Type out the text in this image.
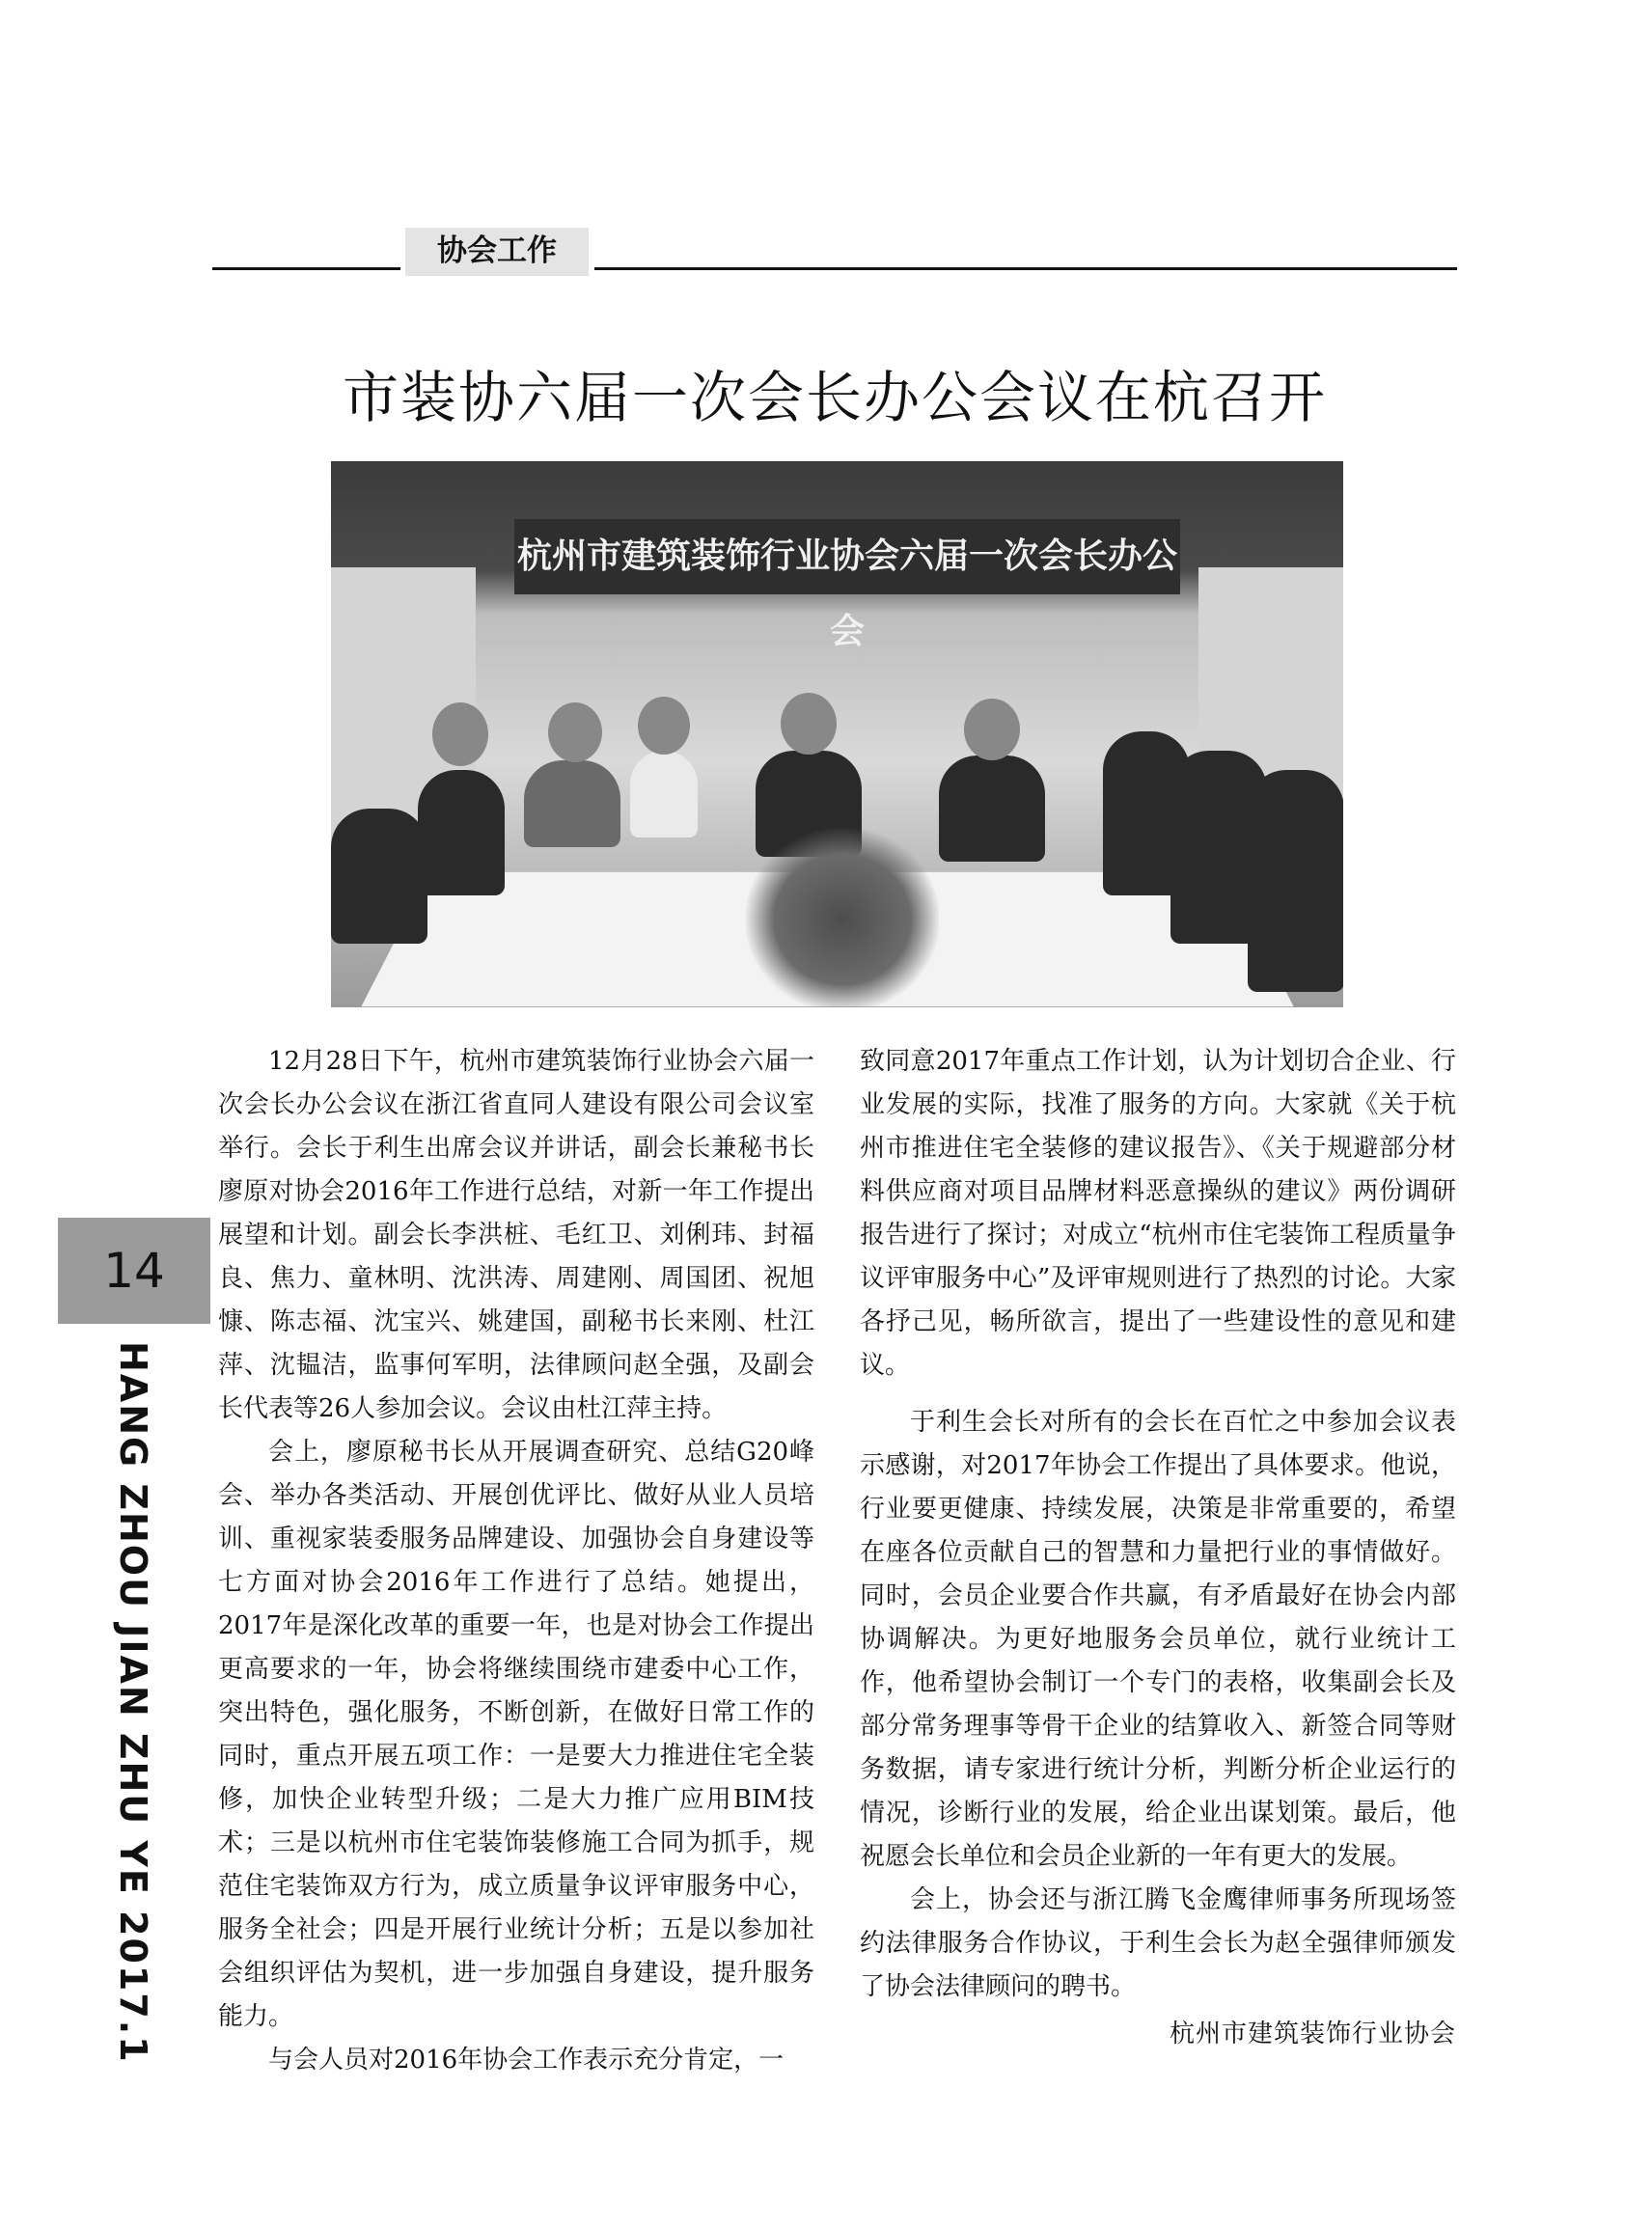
协会工作
市装协六届一次会长办公会议在杭召开
杭州市建筑装饰行业协会六届一次会长办公会

12月28日下午，杭州市建筑装饰行业协会六届一次会长办公会议在浙江省直同人建设有限公司会议室举行。会长于利生出席会议并讲话，副会长兼秘书长廖原对协会2016年工作进行总结，对新一年工作提出展望和计划。副会长李洪桩、毛红卫、刘俐玮、封福良、焦力、童林明、沈洪涛、周建刚、周国团、祝旭慷、陈志福、沈宝兴、姚建国，副秘书长来刚、杜江萍、沈韫洁，监事何军明，法律顾问赵全强，及副会长代表等26人参加会议。会议由杜江萍主持。

会上，廖原秘书长从开展调查研究、总结G20峰会、举办各类活动、开展创优评比、做好从业人员培训、重视家装委服务品牌建设、加强协会自身建设等七方面对协会2016年工作进行了总结。她提出，2017年是深化改革的重要一年，也是对协会工作提出更高要求的一年，协会将继续围绕市建委中心工作，突出特色，强化服务，不断创新，在做好日常工作的同时，重点开展五项工作：一是要大力推进住宅全装修，加快企业转型升级；二是大力推广应用BIM技术；三是以杭州市住宅装饰装修施工合同为抓手，规范住宅装饰双方行为，成立质量争议评审服务中心，服务全社会；四是开展行业统计分析；五是以参加社会组织评估为契机，进一步加强自身建设，提升服务能力。

与会人员对2016年协会工作表示充分肯定，一

致同意2017年重点工作计划，认为计划切合企业、行业发展的实际，找准了服务的方向。大家就《关于杭州市推进住宅全装修的建议报告》、《关于规避部分材料供应商对项目品牌材料恶意操纵的建议》两份调研报告进行了探讨；对成立“杭州市住宅装饰工程质量争议评审服务中心”及评审规则进行了热烈的讨论。大家各抒己见，畅所欲言，提出了一些建设性的意见和建议。

于利生会长对所有的会长在百忙之中参加会议表示感谢，对2017年协会工作提出了具体要求。他说，行业要更健康、持续发展，决策是非常重要的，希望在座各位贡献自己的智慧和力量把行业的事情做好。同时，会员企业要合作共赢，有矛盾最好在协会内部协调解决。为更好地服务会员单位，就行业统计工作，他希望协会制订一个专门的表格，收集副会长及部分常务理事等骨干企业的结算收入、新签合同等财务数据，请专家进行统计分析，判断分析企业运行的情况，诊断行业的发展，给企业出谋划策。最后，他祝愿会长单位和会员企业新的一年有更大的发展。

会上，协会还与浙江腾飞金鹰律师事务所现场签约法律服务合作协议，于利生会长为赵全强律师颁发了协会法律顾问的聘书。

杭州市建筑装饰行业协会

14
HANG ZHOU JIAN ZHU YE 2017.1
